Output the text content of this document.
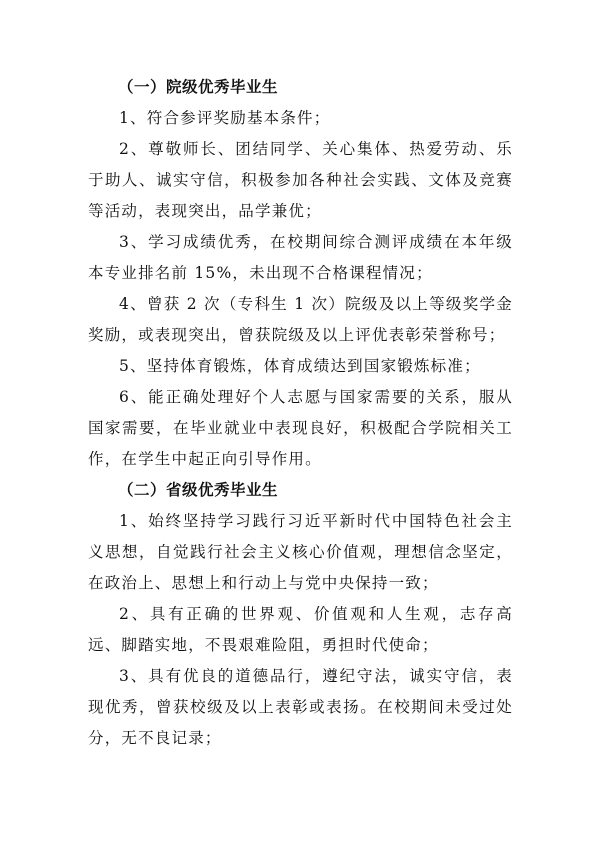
（一）院级优秀毕业生

1、符合参评奖励基本条件；

2、尊敬师长、团结同学、关心集体、热爱劳动、乐于助人、诚实守信，积极参加各种社会实践、文体及竞赛等活动，表现突出，品学兼优；

3、学习成绩优秀，在校期间综合测评成绩在本年级本专业排名前 15%，未出现不合格课程情况；

4、曾获 2 次（专科生 1 次）院级及以上等级奖学金奖励，或表现突出，曾获院级及以上评优表彰荣誉称号；

5、坚持体育锻炼，体育成绩达到国家锻炼标准；

6、能正确处理好个人志愿与国家需要的关系，服从国家需要，在毕业就业中表现良好，积极配合学院相关工作，在学生中起正向引导作用。

（二）省级优秀毕业生

1、始终坚持学习践行习近平新时代中国特色社会主义思想，自觉践行社会主义核心价值观，理想信念坚定，在政治上、思想上和行动上与党中央保持一致；

2、具有正确的世界观、价值观和人生观，志存高远、脚踏实地，不畏艰难险阻，勇担时代使命；

3、具有优良的道德品行，遵纪守法，诚实守信，表现优秀，曾获校级及以上表彰或表扬。在校期间未受过处分，无不良记录；
